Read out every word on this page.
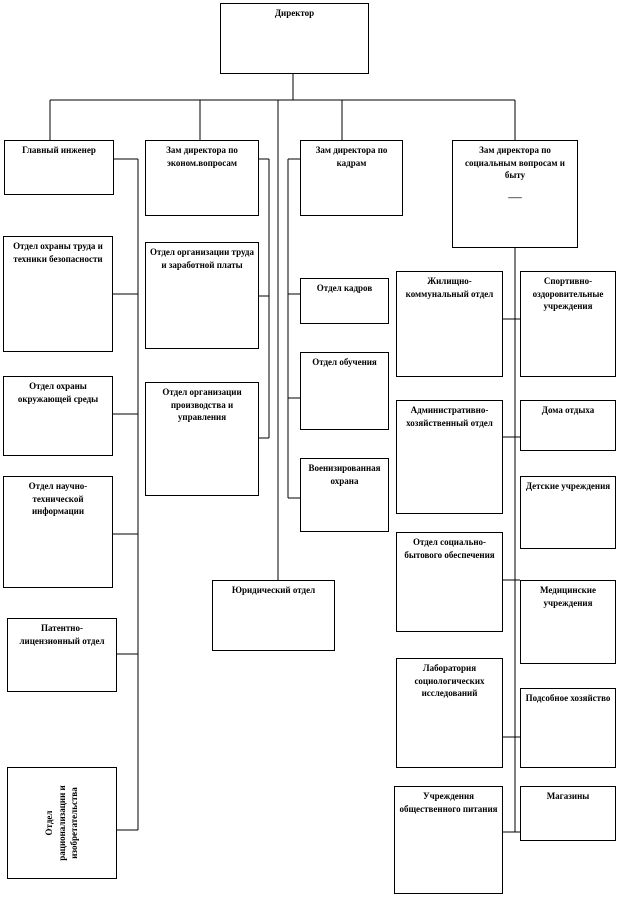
Директор
Главный инженер	Зам директора по эконом.вопросам
Зам директора по кадрам
Зам директора по социальным вопросам и быту
___
Отдел охраны труда и техники безопасности
Отдел охраны окружающей среды
Отдел научно-технической информации
Патентно-лицензионный отдел
Отдел
рационализации и
изобретательства
Отдел организации труда и заработной платы
Отдел организации производства и управления
Юридический отдел
Отдел кадров
Отдел обучения
Военизированная охрана
Жилищно-коммунальный отдел
Административно-хозяйственный отдел
Отдел социально-бытового обеспечения
Лаборатория социологических исследований
Учреждения общественного питания
Спортивно-оздоровительные учреждения
Дома отдыха
Детские учреждения
Медицинские учреждения
Подсобное хозяйство
Магазины
